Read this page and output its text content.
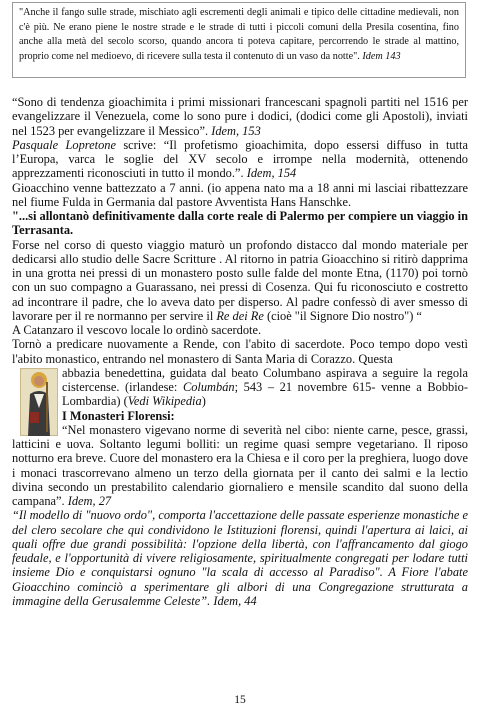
"Anche il fango sulle strade, mischiato agli escrementi degli animali e tipico delle cittadine medievali, non c'è più. Ne erano piene le nostre strade e le strade di tutti i piccoli comuni della Presila cosentina, fino anche alla metà del secolo scorso, quando ancora ti poteva capitare, percorrendo le strade al mattino, proprio come nel medioevo, di ricevere sulla testa il contenuto di un vaso da notte". Idem 143

“Sono di tendenza gioachimita i primi missionari francescani spagnoli partiti nel 1516 per evangelizzare il Venezuela, come lo sono pure i dodici, (dodici come gli Apostoli), inviati nel 1523 per evangelizzare il Messico”. Idem, 153

Pasquale Lopretone scrive: “Il profetismo gioachimita, dopo essersi diffuso in tutta l’Europa, varca le soglie del XV secolo e irrompe nella modernità, ottenendo apprezzamenti riconosciuti in tutto il mondo.”. Idem, 154

Gioacchino venne battezzato a 7 anni. (io appena nato ma a 18 anni mi lasciai ribattezzare nel fiume Fulda in Germania dal pastore Avventista Hans Hanschke.

"...si allontanò definitivamente dalla corte reale di Palermo per compiere un viaggio in Terrasanta.

Forse nel corso di questo viaggio maturò un profondo distacco dal mondo materiale per dedicarsi allo studio delle Sacre Scritture . Al ritorno in patria Gioacchino si ritirò dapprima in una grotta nei pressi di un monastero posto sulle falde del monte Etna, (1170) poi tornò con un suo compagno a Guarassano, nei pressi di Cosenza. Qui fu riconosciuto e costretto ad incontrare il padre, che lo aveva dato per disperso. Al padre confessò di aver smesso di lavorare per il re normanno per servire il Re dei Re (cioè "il Signore Dio nostro") “

A Catanzaro il vescovo locale lo ordinò sacerdote.

Tornò a predicare nuovamente a Rende, con l'abito di sacerdote. Poco tempo dopo vestì l'abito monastico, entrando nel monastero di Santa Maria di Corazzo. Questa

abbazia benedettina, guidata dal beato Columbano aspirava a seguire la regola cistercense. (irlandese: Columbán; 543 – 21 novembre 615- venne a Bobbio- Lombardia) (Vedi Wikipedia)

I Monasteri Florensi:

“Nel monastero vigevano norme di severità nel cibo: niente carne, pesce, grassi, latticini e uova. Soltanto legumi bolliti: un regime quasi sempre vegetariano. Il riposo notturno era breve. Cuore del monastero era la Chiesa e il coro per la preghiera, luogo dove i monaci trascorrevano almeno un terzo della giornata per il canto dei salmi e la lectio divina secondo un prestabilito calendario giornaliero e mensile scandito dal suono della campana”. Idem, 27

“Il modello di "nuovo ordo", comporta l'accettazione delle passate esperienze monastiche e del clero secolare che qui condividono le Istituzioni florensi, quindi l'apertura ai laici, ai quali offre due grandi possibilità: l'opzione della libertà, con l'affrancamento dal giogo feudale, e l'opportunità di vivere religiosamente, spiritualmente congregati per lodare tutti insieme Dio e conquistarsi ognuno "la scala di accesso al Paradiso". A Fiore l'abate Gioacchino cominciò a sperimentare gli albori di una Congregazione strutturata a immagine della Gerusalemme Celeste”. Idem, 44

15
